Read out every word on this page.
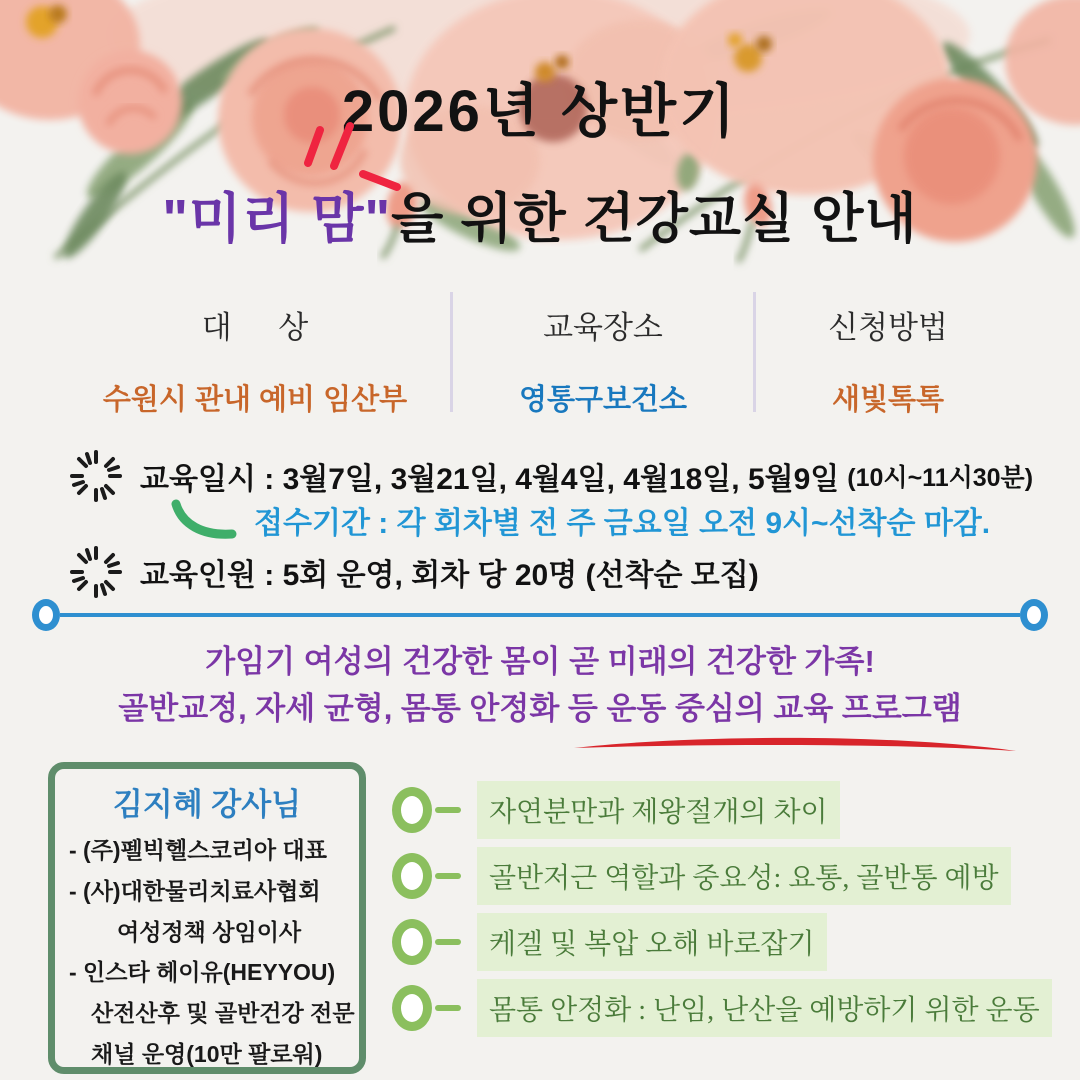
2026년 상반기
"미리 맘"을 위한 건강교실 안내
대      상
수원시 관내 예비 임산부
교육장소
영통구보건소
신청방법
새빛톡톡
교육일시 : 3월7일, 3월21일, 4월4일, 4월18일, 5월9일 (10시~11시30분)
접수기간 : 각 회차별 전 주 금요일 오전 9시~선착순 마감.
교육인원 : 5회 운영, 회차 당 20명 (선착순 모집)
가임기 여성의 건강한 몸이 곧 미래의 건강한 가족!
골반교정, 자세 균형, 몸통 안정화 등 운동 중심의 교육 프로그램
김지혜 강사님
- (주)펠빅헬스코리아 대표
- (사)대한물리치료사협회
여성정책 상임이사
- 인스타 헤이유(HEYYOU)
산전산후 및 골반건강 전문
채널 운영(10만 팔로워)
자연분만과 제왕절개의 차이
골반저근 역할과 중요성: 요통, 골반통 예방
케겔 및 복압 오해 바로잡기
몸통 안정화 : 난임, 난산을 예방하기 위한 운동
